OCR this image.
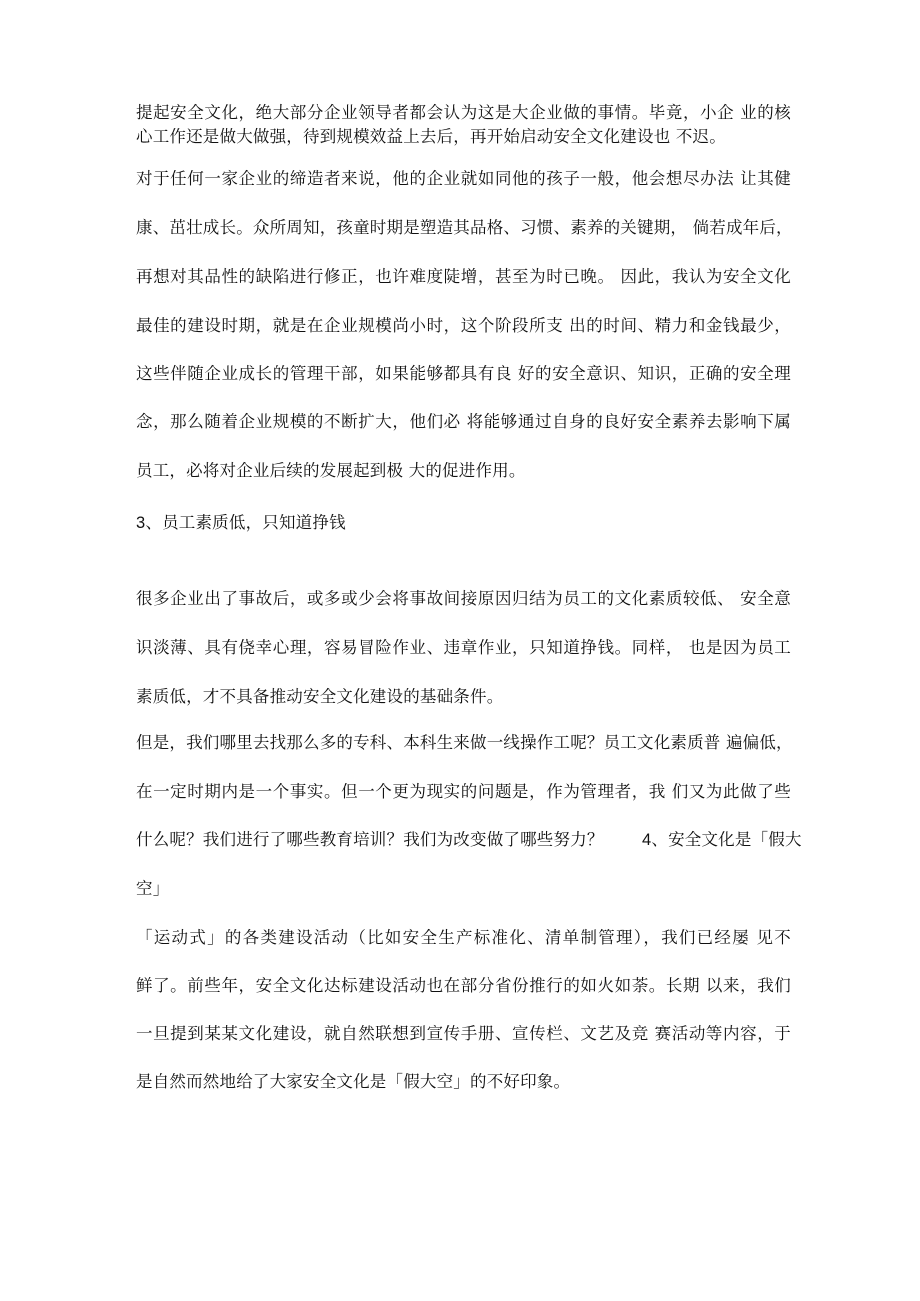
提起安全文化，绝大部分企业领导者都会认为这是大企业做的事情。毕竟，小企 业的核
心工作还是做大做强，待到规模效益上去后，再开始启动安全文化建设也 不迟。
对于任何一家企业的缔造者来说，他的企业就如同他的孩子一般，他会想尽办法 让其健
康、茁壮成长。众所周知，孩童时期是塑造其品格、习惯、素养的关键期， 倘若成年后，
再想对其品性的缺陷进行修正，也许难度陡增，甚至为时已晚。 因此，我认为安全文化
最佳的建设时期，就是在企业规模尚小时，这个阶段所支 出的时间、精力和金钱最少，
这些伴随企业成长的管理干部，如果能够都具有良 好的安全意识、知识，正确的安全理
念，那么随着企业规模的不断扩大，他们必 将能够通过自身的良好安全素养去影响下属
员工，必将对企业后续的发展起到极 大的促进作用。
3、员工素质低，只知道挣钱
很多企业出了事故后，或多或少会将事故间接原因归结为员工的文化素质较低、 安全意
识淡薄、具有侥幸心理，容易冒险作业、违章作业，只知道挣钱。同样， 也是因为员工
素质低，才不具备推动安全文化建设的基础条件。
但是，我们哪里去找那么多的专科、本科生来做一线操作工呢？员工文化素质普 遍偏低，
在一定时期内是一个事实。但一个更为现实的问题是，作为管理者，我 们又为此做了些
什么呢？我们进行了哪些教育培训？我们为改变做了哪些努力？ 4、安全文化是「假大
空」
「运动式」的各类建设活动（比如安全生产标准化、清单制管理），我们已经屡 见不
鲜了。前些年，安全文化达标建设活动也在部分省份推行的如火如荼。长期 以来，我们
一旦提到某某文化建设，就自然联想到宣传手册、宣传栏、文艺及竞 赛活动等内容，于
是自然而然地给了大家安全文化是「假大空」的不好印象。
